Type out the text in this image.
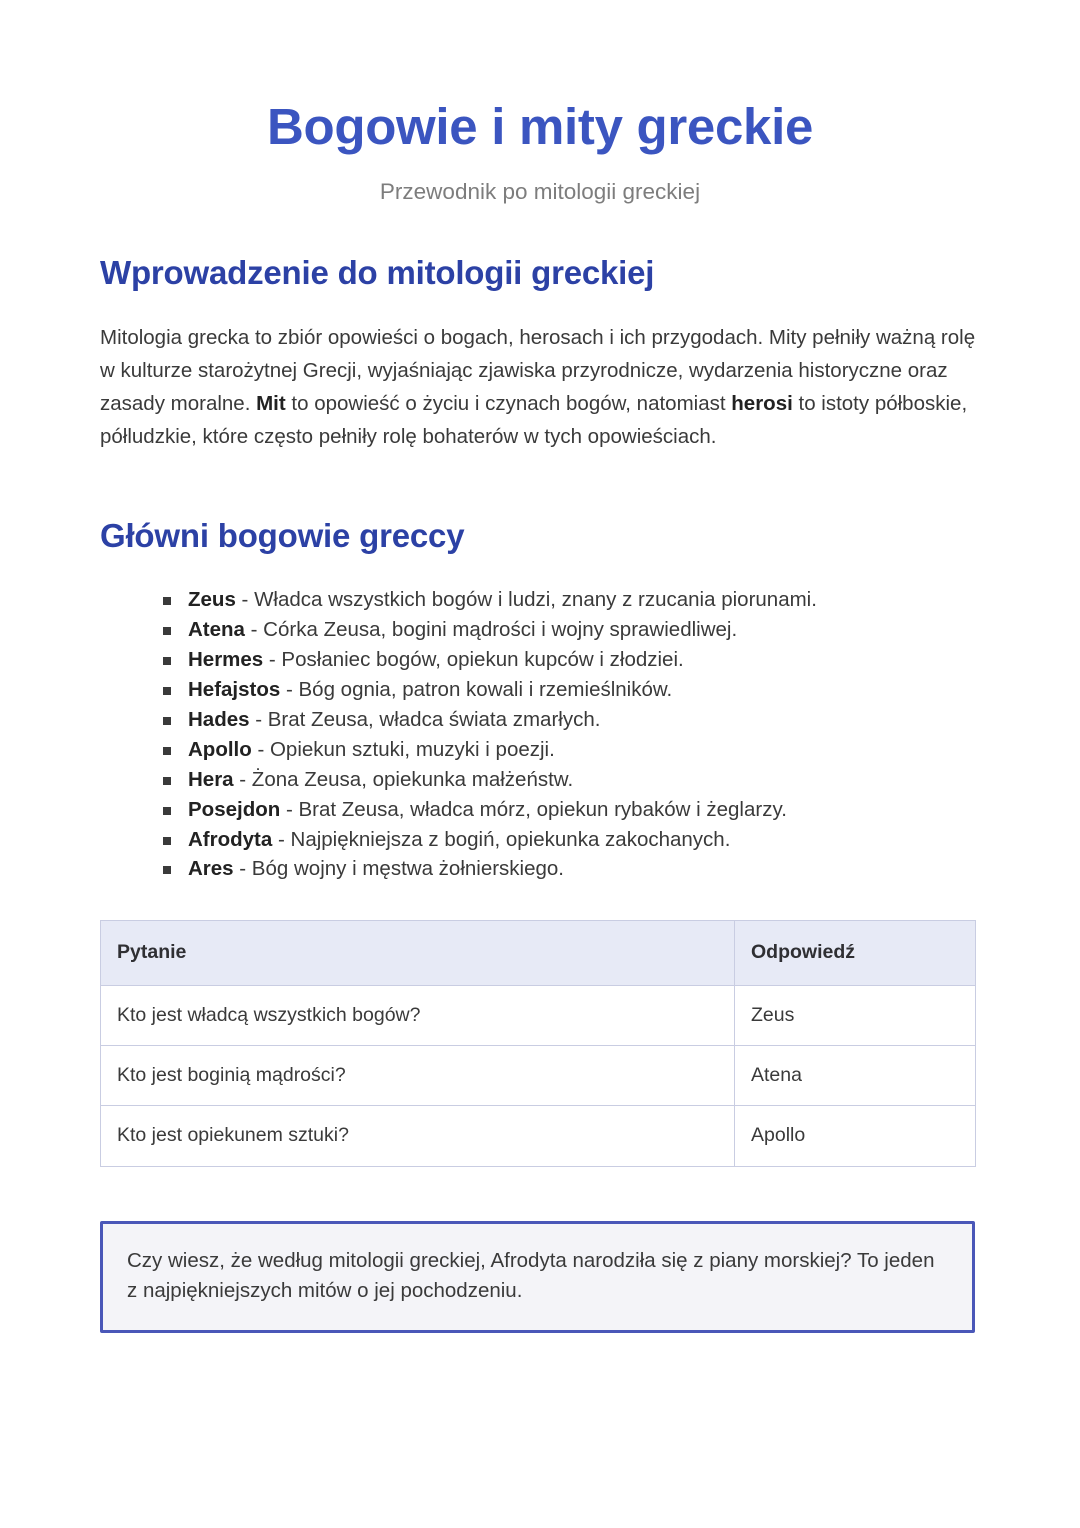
Bogowie i mity greckie
Przewodnik po mitologii greckiej
Wprowadzenie do mitologii greckiej

Mitologia grecka to zbiór opowieści o bogach, herosach i ich przygodach. Mity pełniły ważną rolę w kulturze starożytnej Grecji, wyjaśniając zjawiska przyrodnicze, wydarzenia historyczne oraz zasady moralne. Mit to opowieść o życiu i czynach bogów, natomiast herosi to istoty półboskie, półludzkie, które często pełniły rolę bohaterów w tych opowieściach.

Główni bogowie greccy
Zeus - Władca wszystkich bogów i ludzi, znany z rzucania piorunami.
Atena - Córka Zeusa, bogini mądrości i wojny sprawiedliwej.
Hermes - Posłaniec bogów, opiekun kupców i złodziei.
Hefajstos - Bóg ognia, patron kowali i rzemieślników.
Hades - Brat Zeusa, władca świata zmarłych.
Apollo - Opiekun sztuki, muzyki i poezji.
Hera - Żona Zeusa, opiekunka małżeństw.
Posejdon - Brat Zeusa, władca mórz, opiekun rybaków i żeglarzy.
Afrodyta - Najpiękniejsza z bogiń, opiekunka zakochanych.
Ares - Bóg wojny i męstwa żołnierskiego.
Pytanie	Odpowiedź
Kto jest władcą wszystkich bogów?	Zeus
Kto jest boginią mądrości?	Atena
Kto jest opiekunem sztuki?	Apollo

Czy wiesz, że według mitologii greckiej, Afrodyta narodziła się z piany morskiej? To jeden z najpiękniejszych mitów o jej pochodzeniu.
